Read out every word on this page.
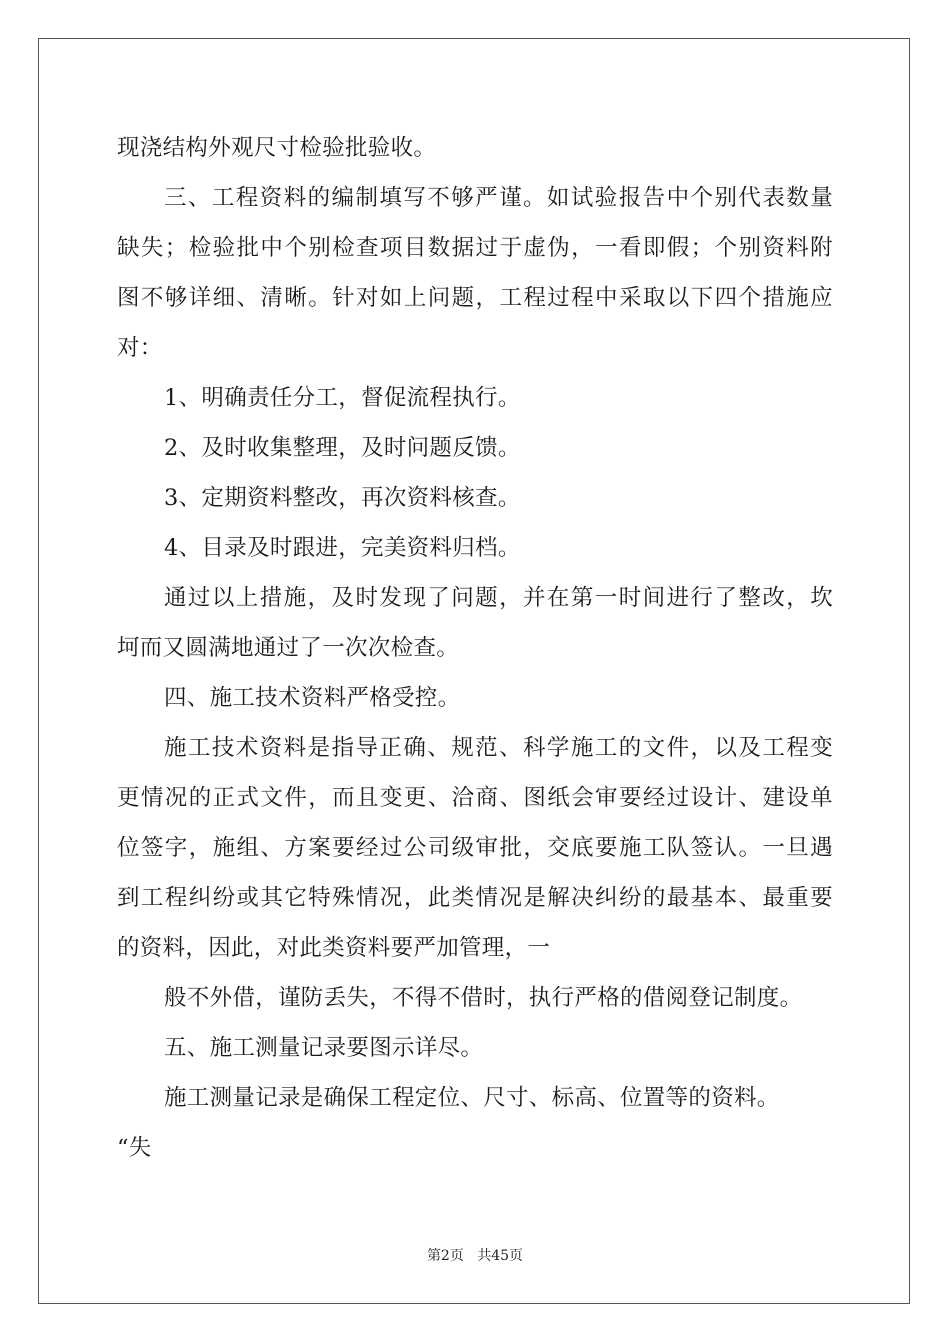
现浇结构外观尺寸检验批验收。
三、工程资料的编制填写不够严谨。如试验报告中个别代表数量
缺失；检验批中个别检查项目数据过于虚伪，一看即假；个别资料附
图不够详细、清晰。针对如上问题，工程过程中采取以下四个措施应
对：
1、明确责任分工，督促流程执行。
2、及时收集整理，及时问题反馈。
3、定期资料整改，再次资料核查。
4、目录及时跟进，完美资料归档。
通过以上措施，及时发现了问题，并在第一时间进行了整改，坎
坷而又圆满地通过了一次次检查。
四、施工技术资料严格受控。
施工技术资料是指导正确、规范、科学施工的文件，以及工程变
更情况的正式文件，而且变更、洽商、图纸会审要经过设计、建设单
位签字，施组、方案要经过公司级审批，交底要施工队签认。一旦遇
到工程纠纷或其它特殊情况，此类情况是解决纠纷的最基本、最重要
的资料，因此，对此类资料要严加管理，一
般不外借，谨防丢失，不得不借时，执行严格的借阅登记制度。
五、施工测量记录要图示详尽。
施工测量记录是确保工程定位、尺寸、标高、位置等的资料。
“失
第2页 共45页
